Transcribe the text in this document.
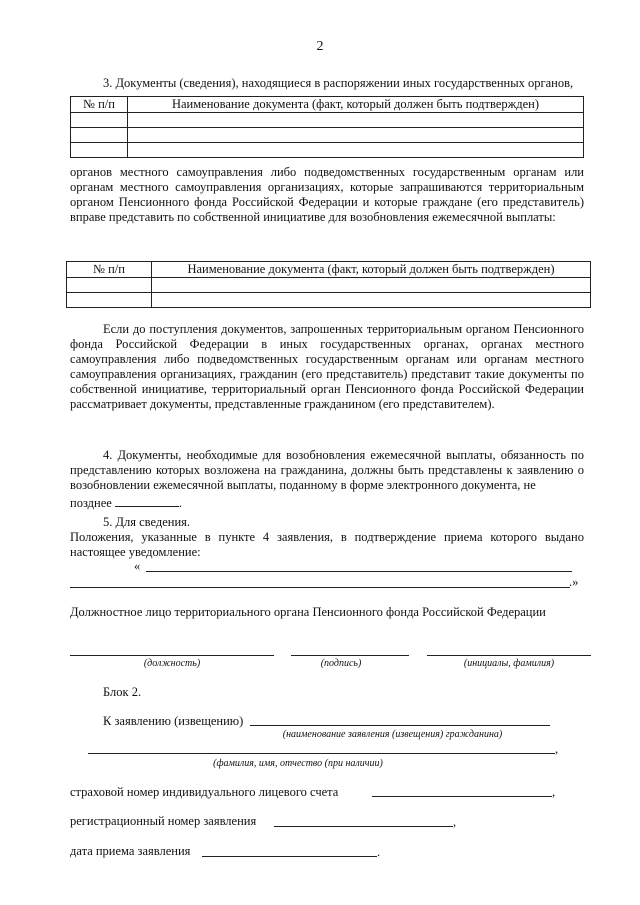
2
3. Документы (сведения), находящиеся в распоряжении иных государственных органов,
№ п/п	Наименование документа (факт, который должен быть подтвержден)

органов местного самоуправления либо подведомственных государственным органам или органам местного самоуправления организациях, которые запрашиваются территориальным органом Пенсионного фонда Российской Федерации и которые граждане (его представитель) вправе представить по собственной инициативе для возобновления ежемесячной выплаты:
№ п/п	Наименование документа (факт, который должен быть подтвержден)

Если до поступления документов, запрошенных территориальным органом Пенсионного фонда Российской Федерации в иных государственных органах, органах местного самоуправления либо подведомственных государственным органам или органам местного самоуправления организациях, гражданин (его представитель) представит такие документы по собственной инициативе, территориальный орган Пенсионного фонда Российской Федерации рассматривает документы, представленные гражданином (его представителем).
4. Документы, необходимые для возобновления ежемесячной выплаты, обязанность по представлению которых возложена на гражданина, должны быть представлены к заявлению о возобновлении ежемесячной выплаты, поданному в форме электронного документа, не
позднее	.
5. Для сведения.
Положения, указанные в пункте 4 заявления, в подтверждение приема которого выдано настоящее уведомление:
«
.»
Должностное лицо территориального органа Пенсионного фонда Российской Федерации
(должность)	(подпись)	(инициалы, фамилия)
Блок 2.
К заявлению (извещению)
(наименование заявления (извещения) гражданина)
,
(фамилия, имя, отчество (при наличии)
страховой номер индивидуального лицевого счета	,
регистрационный номер заявления	,
дата приема заявления	.
